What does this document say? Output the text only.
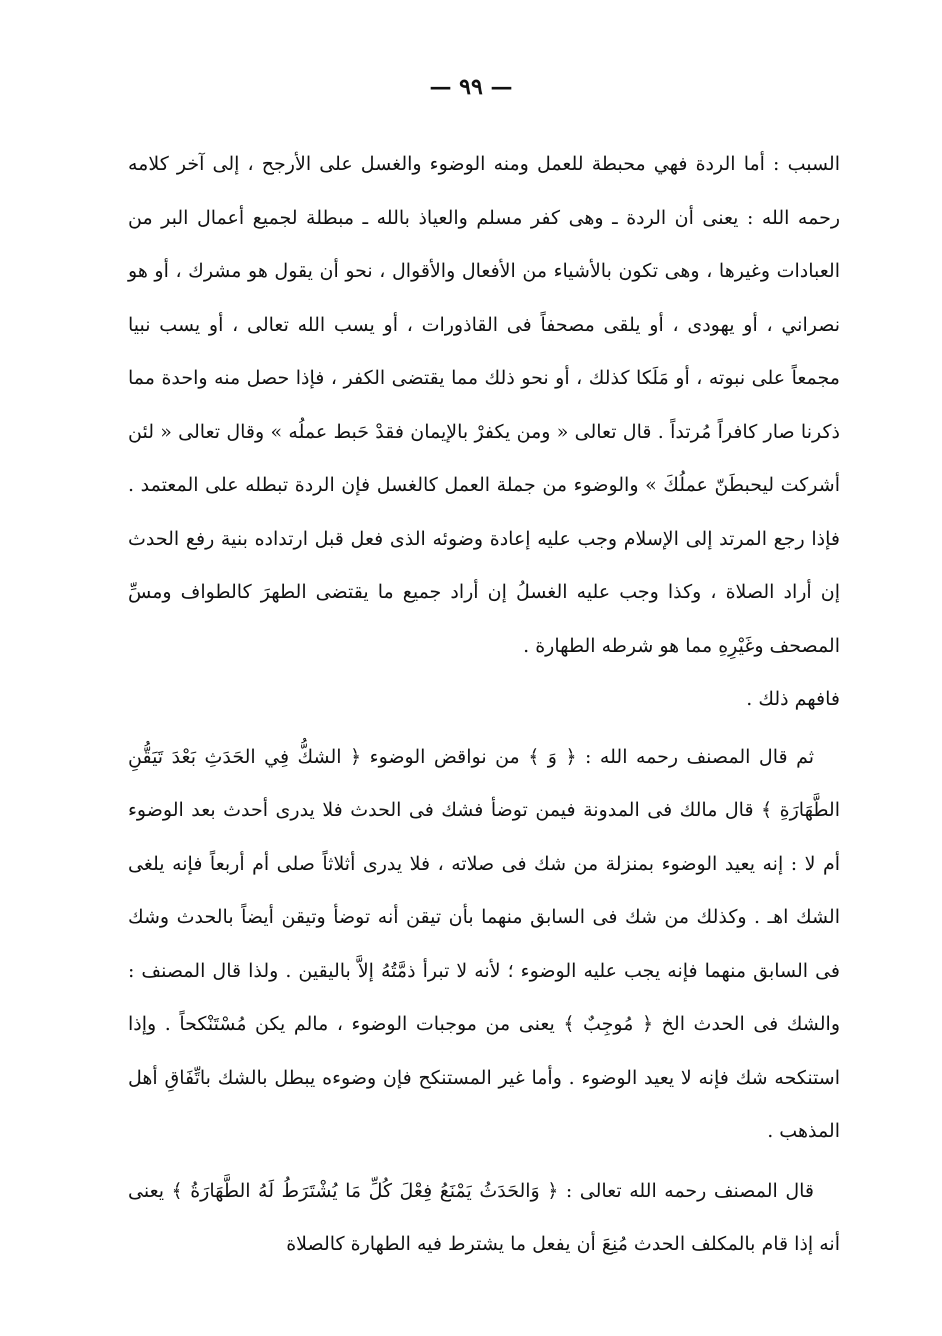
— ٩٩ —

السبب : أما الردة فهي محبطة للعمل ومنه الوضوء والغسل على الأرجح ، إلى آخر كلامه رحمه الله : يعنى أن الردة ـ وهى كفر مسلم والعياذ بالله ـ مبطلة لجميع أعمال البر من العبادات وغيرها ، وهى تكون بالأشياء من الأفعال والأقوال ، نحو أن يقول هو مشرك ، أو هو نصراني ، أو يهودى ، أو يلقى مصحفاً فى القاذورات ، أو يسب الله تعالى ، أو يسب نبيا مجمعاً على نبوته ، أو مَلَكا كذلك ، أو نحو ذلك مما يقتضى الكفر ، فإذا حصل منه واحدة مما ذكرنا صار كافراً مُرتداً . قال تعالى « ومن يكفرْ بالإيمان فقدْ حَبط عملُه » وقال تعالى « لئن أشركت ليحبطَنّ عملُكَ » والوضوء من جملة العمل كالغسل فإن الردة تبطله على المعتمد . فإذا رجع المرتد إلى الإسلام وجب عليه إعادة وضوئه الذى فعل قبل ارتداده بنية رفع الحدث إن أراد الصلاة ، وكذا وجب عليه الغسلُ إن أراد جميع ما يقتضى الطهرَ كالطواف ومسِّ المصحف وغَيْرِهِ مما هو شرطه الطهارة .

فافهم ذلك .

ثم قال المصنف رحمه الله : ﴿ وَ ﴾ من نواقض الوضوء ﴿ الشكُّ فِي الحَدَثِ بَعْدَ تَيَقُّنِ الطَّهَارَةِ ﴾ قال مالك فى المدونة فيمن توضأ فشك فى الحدث فلا يدرى أحدث بعد الوضوء أم لا : إنه يعيد الوضوء بمنزلة من شك فى صلاته ، فلا يدرى أثلاثاً صلى أم أربعاً فإنه يلغى الشك اهـ . وكذلك من شك فى السابق منهما بأن تيقن أنه توضأ وتيقن أيضاً بالحدث وشك فى السابق منهما فإنه يجب عليه الوضوء ؛ لأنه لا تبرأ ذمَّتُهُ إلاَّ باليقين . ولذا قال المصنف : والشك فى الحدث الخ ﴿ مُوجِبٌ ﴾ يعنى من موجبات الوضوء ، مالم يكن مُسْتَنْكحاً . وإذا استنكحه شك فإنه لا يعيد الوضوء . وأما غير المستنكح فإن وضوءه يبطل بالشك باتِّفَاقِ أهل المذهب .

قال المصنف رحمه الله تعالى : ﴿ وَالحَدَثُ يَمْنَعُ فِعْلَ كُلِّ مَا يُشْتَرَطُ لَهُ الطَّهَارَةُ ﴾ يعنى أنه إذا قام بالمكلف الحدث مُنِعَ أن يفعل ما يشترط فيه الطهارة كالصلاة
